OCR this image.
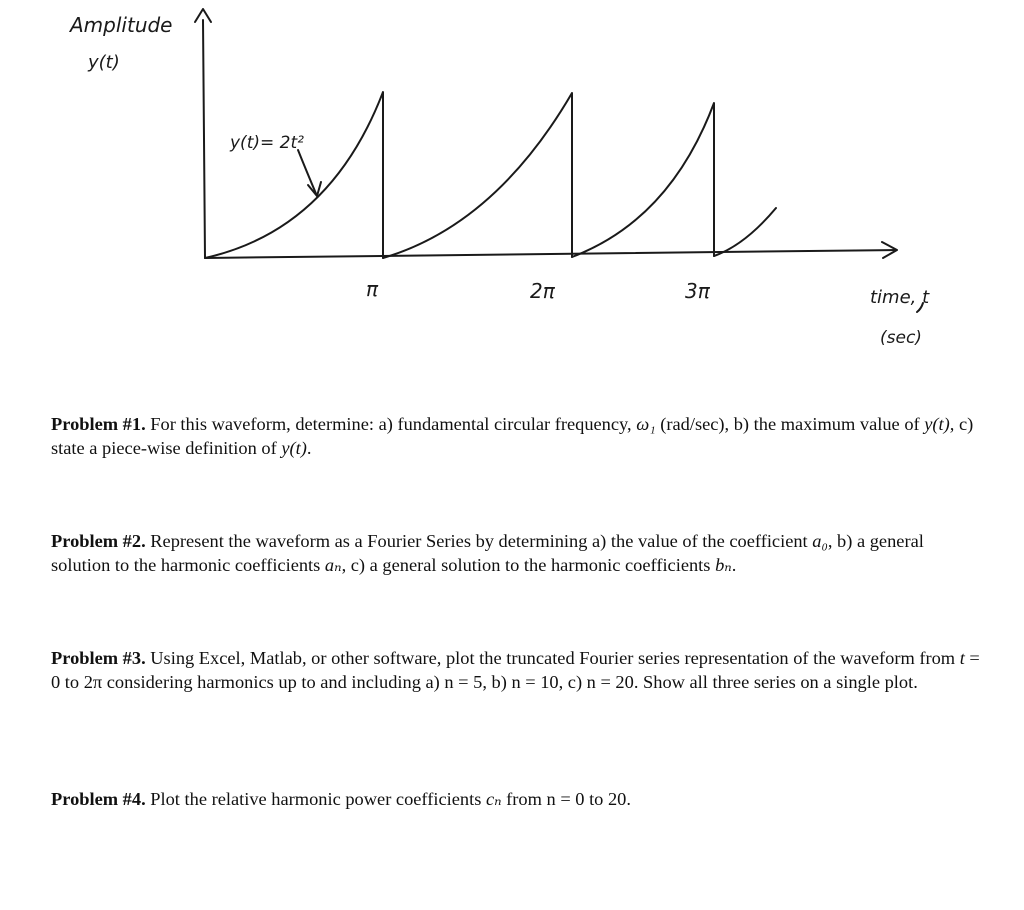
Amplitude
y(t)
y(t)= 2t²
π	2π	3π	time, t
(sec)

Problem #1. For this waveform, determine: a) fundamental circular frequency, ω₁ (rad/sec), b) the maximum value of y(t), c) state a piece-wise definition of y(t).

Problem #2. Represent the waveform as a Fourier Series by determining a) the value of the coefficient a₀, b) a general solution to the harmonic coefficients aₙ, c) a general solution to the harmonic coefficients bₙ.

Problem #3. Using Excel, Matlab, or other software, plot the truncated Fourier series representation of the waveform from t = 0 to 2π considering harmonics up to and including a) n = 5, b) n = 10, c) n = 20. Show all three series on a single plot.

Problem #4. Plot the relative harmonic power coefficients cₙ from n = 0 to 20.
